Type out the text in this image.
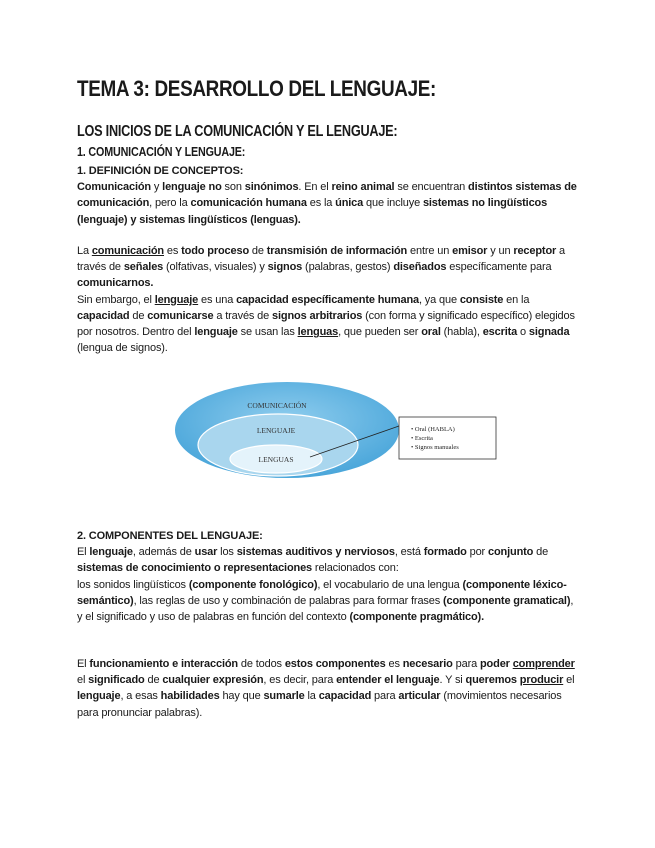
TEMA 3: DESARROLLO DEL LENGUAJE:
LOS INICIOS DE LA COMUNICACIÓN Y EL LENGUAJE:
1. COMUNICACIÓN Y LENGUAJE:
1. DEFINICIÓN DE CONCEPTOS:
Comunicación y lenguaje no son sinónimos. En el reino animal se encuentran distintos sistemas de comunicación, pero la comunicación humana es la única que incluye sistemas no lingüísticos (lenguaje) y sistemas lingüísticos (lenguas).
La comunicación es todo proceso de transmisión de información entre un emisor y un receptor a través de señales (olfativas, visuales) y signos (palabras, gestos) diseñados específicamente para comunicarnos.
Sin embargo, el lenguaje es una capacidad específicamente humana, ya que consiste en la capacidad de comunicarse a través de signos arbitrarios (con forma y significado específico) elegidos por nosotros. Dentro del lenguaje se usan las lenguas, que pueden ser oral (habla), escrita o signada (lengua de signos).
COMUNICACIÓN
LENGUAJE
LENGUAS
• Oral (HABLA)
• Escrita
• Signos manuales
2. COMPONENTES DEL LENGUAJE:
El lenguaje, además de usar los sistemas auditivos y nerviosos, está formado por conjunto de sistemas de conocimiento o representaciones relacionados con:
los sonidos lingüísticos (componente fonológico), el vocabulario de una lengua (componente léxico-semántico), las reglas de uso y combinación de palabras para formar frases (componente gramatical), y el significado y uso de palabras en función del contexto (componente pragmático).
El funcionamiento e interacción de todos estos componentes es necesario para poder comprender el significado de cualquier expresión, es decir, para entender el lenguaje. Y si queremos producir el lenguaje, a esas habilidades hay que sumarle la capacidad para articular (movimientos necesarios para pronunciar palabras).
